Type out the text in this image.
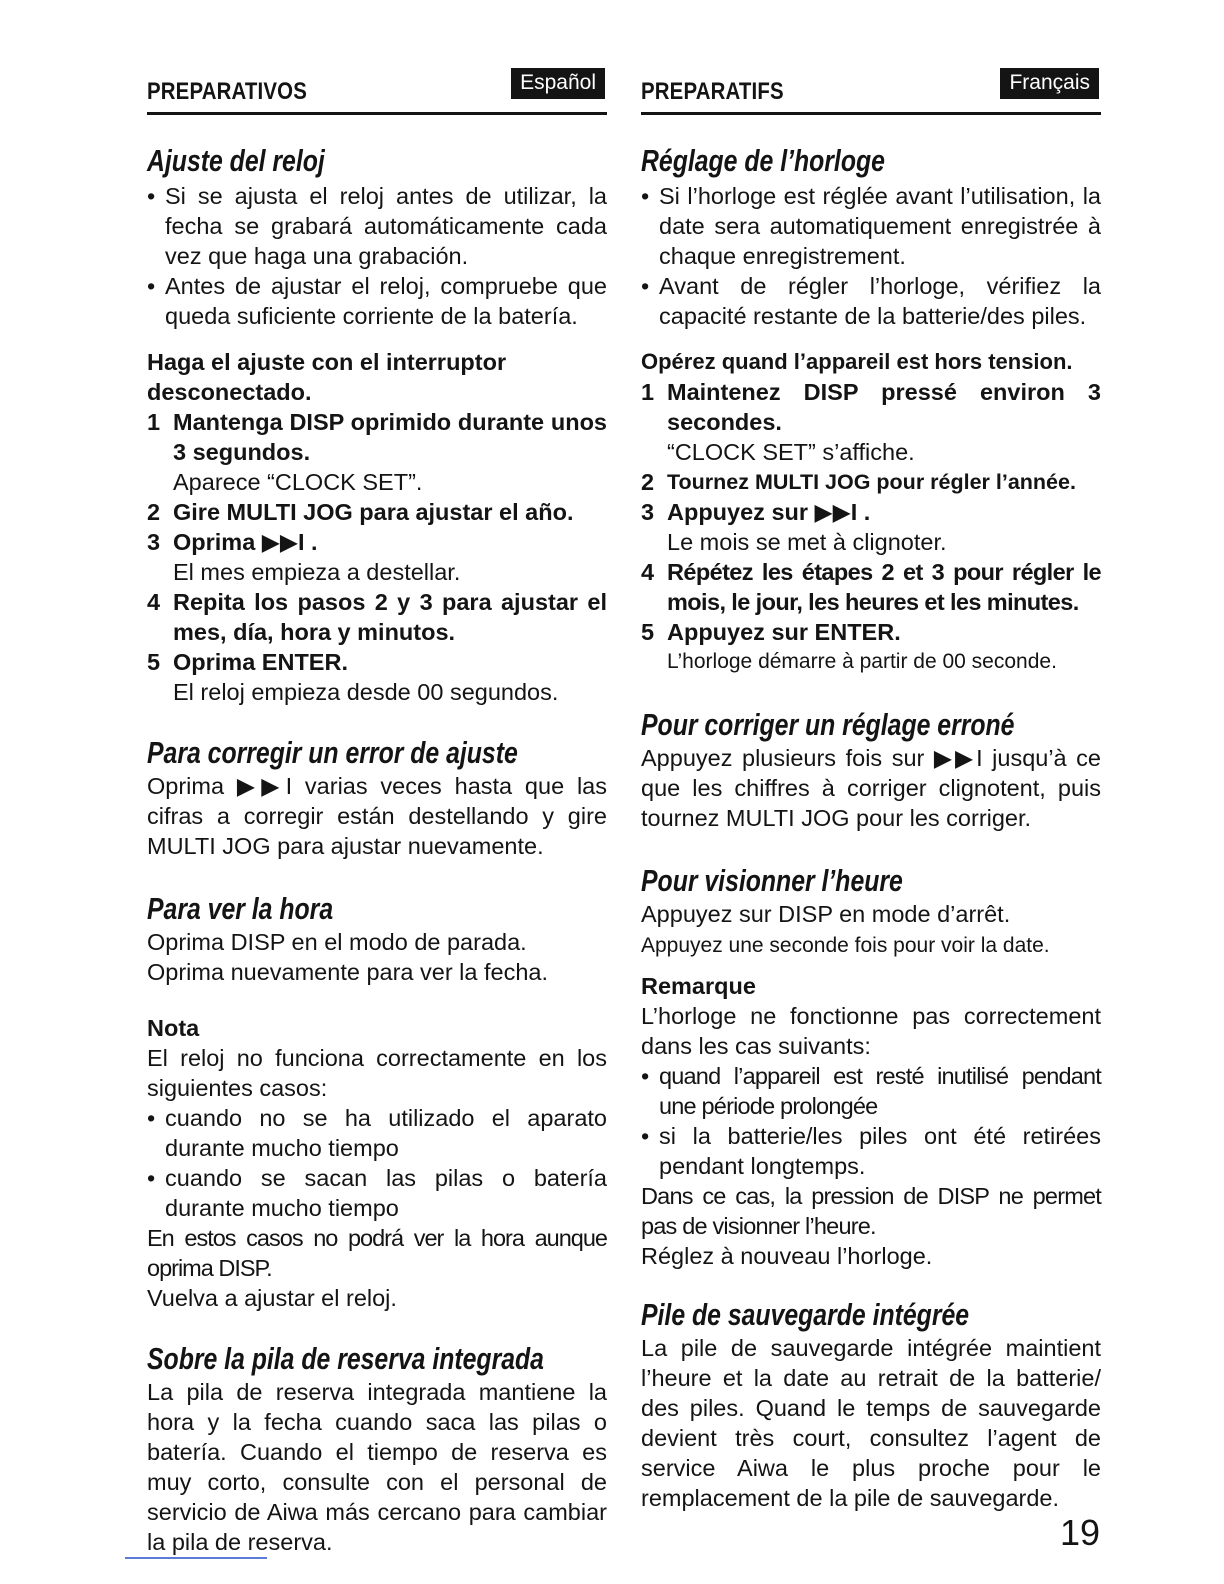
PREPARATIVOS	Español
Ajuste del reloj
• Si se ajusta el reloj antes de utilizar, la fecha se grabará automáticamente cada vez que haga una grabación.
• Antes de ajustar el reloj, compruebe que queda suficiente corriente de la batería.

Haga el ajuste con el interruptor
desconectado.

1 Mantenga DISP oprimido durante unos 3 segundos.
Aparece “CLOCK SET”.
2 Gire MULTI JOG para ajustar el año.
3 Oprima ▶▶I .
El mes empieza a destellar.
4 Repita los pasos 2 y 3 para ajustar el mes, día, hora y minutos.
5 Oprima ENTER.
El reloj empieza desde 00 segundos.
Para corregir un error de ajuste

Oprima ▶▶I varias veces hasta que las cifras a corregir están destellando y gire MULTI JOG para ajustar nuevamente.

Para ver la hora

Oprima DISP en el modo de parada.
Oprima nuevamente para ver la fecha.

Nota

El reloj no funciona correctamente en los siguientes casos:

• cuando no se ha utilizado el aparato durante mucho tiempo
• cuando se sacan las pilas o batería durante mucho tiempo

En estos casos no podrá ver la hora aunque oprima DISP.

Vuelva a ajustar el reloj.

Sobre la pila de reserva integrada

La pila de reserva integrada mantiene la hora y la fecha cuando saca las pilas o batería. Cuando el tiempo de reserva es muy corto, consulte con el personal de servicio de Aiwa más cercano para cambiar la pila de reserva.

PREPARATIFS	Français
Réglage de l’horloge
• Si l’horloge est réglée avant l’utilisation, la date sera automatiquement enregistrée à chaque enregistrement.
• Avant de régler l’horloge, vérifiez la capacité restante de la batterie/des piles.

Opérez quand l’appareil est hors tension.

1 Maintenez DISP pressé environ 3 secondes.
“CLOCK SET” s’affiche.
2 Tournez MULTI JOG pour régler l’année.
3 Appuyez sur ▶▶I .
Le mois se met à clignoter.
4 Répétez les étapes 2 et 3 pour régler le mois, le jour, les heures et les minutes.
5 Appuyez sur ENTER.
L’horloge démarre à partir de 00 seconde.
Pour corriger un réglage erroné

Appuyez plusieurs fois sur ▶▶I jusqu’à ce que les chiffres à corriger clignotent, puis tournez MULTI JOG pour les corriger.

Pour visionner l’heure

Appuyez sur DISP en mode d’arrêt.
Appuyez une seconde fois pour voir la date.

Remarque

L’horloge ne fonctionne pas correctement dans les cas suivants:

• quand l’appareil est resté inutilisé pendant une période prolongée
• si la batterie/les piles ont été retirées pendant longtemps.

Dans ce cas, la pression de DISP ne permet pas de visionner l’heure.

Réglez à nouveau l’horloge.

Pile de sauvegarde intégrée

La pile de sauvegarde intégrée maintient l’heure et la date au retrait de la batterie/ des piles. Quand le temps de sauvegarde devient très court, consultez l’agent de service Aiwa le plus proche pour le remplacement de la pile de sauvegarde.

19
